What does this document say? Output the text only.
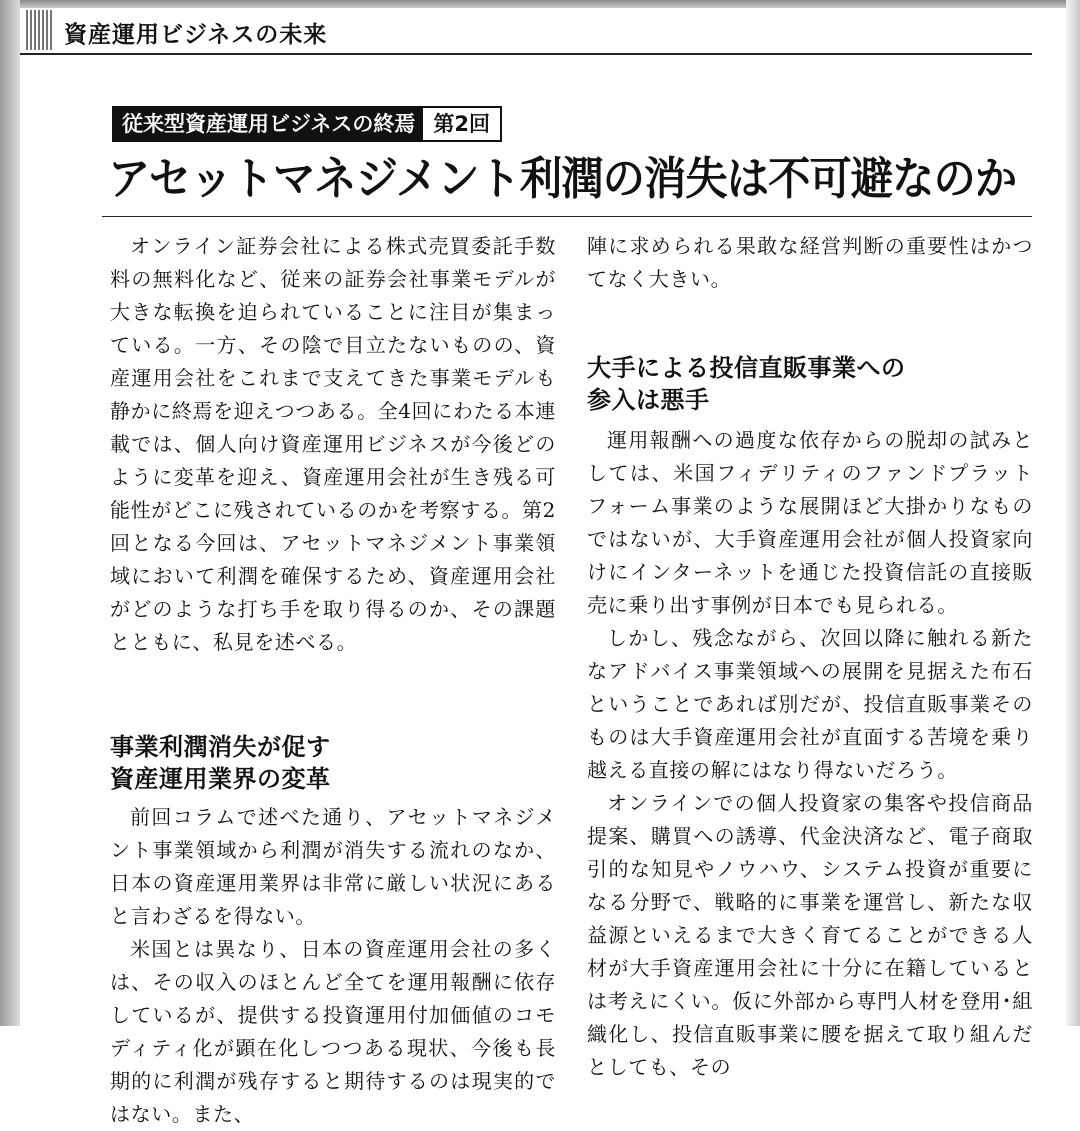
資産運用ビジネスの未来
従来型資産運用ビジネスの終焉 第2回
アセットマネジメント利潤の消失は不可避なのか

オンライン証券会社による株式売買委託手数料の無料化など、従来の証券会社事業モデルが大きな転換を迫られていることに注目が集まっている。一方、その陰で目立たないものの、資産運用会社をこれまで支えてきた事業モデルも静かに終焉を迎えつつある。全4回にわたる本連載では、個人向け資産運用ビジネスが今後どのように変革を迎え、資産運用会社が生き残る可能性がどこに残されているのかを考察する。第2回となる今回は、アセットマネジメント事業領域において利潤を確保するため、資産運用会社がどのような打ち手を取り得るのか、その課題とともに、私見を述べる。

事業利潤消失が促す

資産運用業界の変革

前回コラムで述べた通り、アセットマネジメント事業領域から利潤が消失する流れのなか、日本の資産運用業界は非常に厳しい状況にあると言わざるを得ない。

米国とは異なり、日本の資産運用会社の多くは、その収入のほとんど全てを運用報酬に依存しているが、提供する投資運用付加価値のコモディティ化が顕在化しつつある現状、今後も長期的に利潤が残存すると期待するのは現実的ではない。また、

陣に求められる果敢な経営判断の重要性はかつてなく大きい。

大手による投信直販事業への

参入は悪手

運用報酬への過度な依存からの脱却の試みとしては、米国フィデリティのファンドプラットフォーム事業のような展開ほど大掛かりなものではないが、大手資産運用会社が個人投資家向けにインターネットを通じた投資信託の直接販売に乗り出す事例が日本でも見られる。

しかし、残念ながら、次回以降に触れる新たなアドバイス事業領域への展開を見据えた布石ということであれば別だが、投信直販事業そのものは大手資産運用会社が直面する苦境を乗り越える直接の解にはなり得ないだろう。

オンラインでの個人投資家の集客や投信商品提案、購買への誘導、代金決済など、電子商取引的な知見やノウハウ、システム投資が重要になる分野で、戦略的に事業を運営し、新たな収益源といえるまで大きく育てることができる人材が大手資産運用会社に十分に在籍しているとは考えにくい。仮に外部から専門人材を登用･組織化し、投信直販事業に腰を据えて取り組んだとしても、その
